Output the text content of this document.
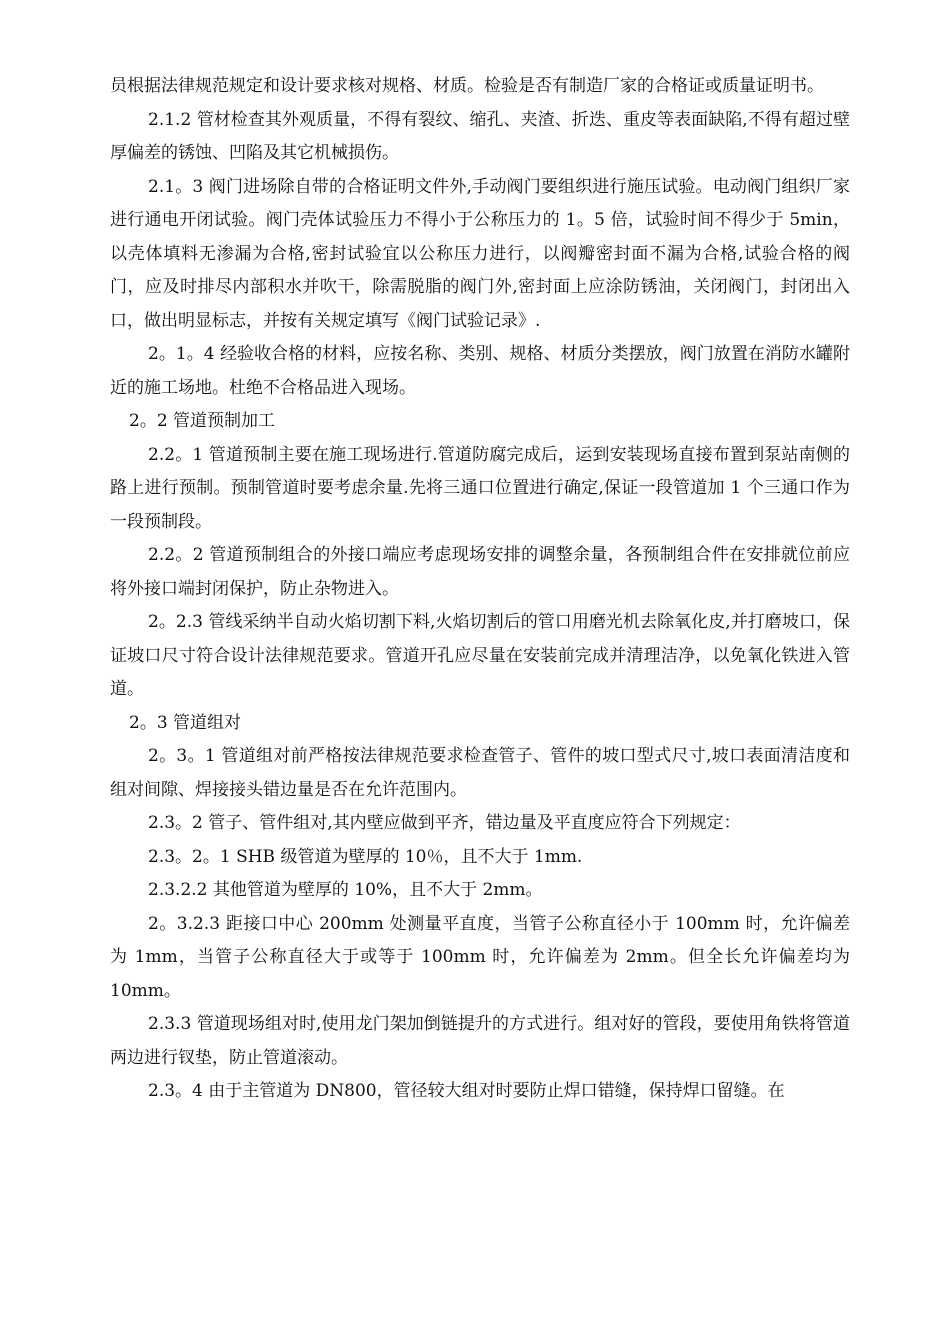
员根据法律规范规定和设计要求核对规格、材质。检验是否有制造厂家的合格证或质量证明书。

2.1.2 管材检查其外观质量，不得有裂纹、缩孔、夹渣、折迭、重皮等表面缺陷,不得有超过壁厚偏差的锈蚀、凹陷及其它机械损伤。

2.1。3 阀门进场除自带的合格证明文件外,手动阀门要组织进行施压试验。电动阀门组织厂家进行通电开闭试验。阀门壳体试验压力不得小于公称压力的 1。5 倍，试验时间不得少于 5min，以壳体填料无渗漏为合格,密封试验宜以公称压力进行，以阀瓣密封面不漏为合格,试验合格的阀门，应及时排尽内部积水并吹干，除需脱脂的阀门外,密封面上应涂防锈油，关闭阀门，封闭出入口，做出明显标志，并按有关规定填写《阀门试验记录》.

2。1。4 经验收合格的材料，应按名称、类别、规格、材质分类摆放，阀门放置在消防水罐附近的施工场地。杜绝不合格品进入现场。

2。2 管道预制加工

2.2。1 管道预制主要在施工现场进行.管道防腐完成后，运到安装现场直接布置到泵站南侧的路上进行预制。预制管道时要考虑余量.先将三通口位置进行确定,保证一段管道加 1 个三通口作为一段预制段。

2.2。2 管道预制组合的外接口端应考虑现场安排的调整余量，各预制组合件在安排就位前应将外接口端封闭保护，防止杂物进入。

2。2.3 管线采纳半自动火焰切割下料,火焰切割后的管口用磨光机去除氧化皮,并打磨坡口，保证坡口尺寸符合设计法律规范要求。管道开孔应尽量在安装前完成并清理洁净，以免氧化铁进入管道。

2。3 管道组对

2。3。1 管道组对前严格按法律规范要求检查管子、管件的坡口型式尺寸,坡口表面清洁度和组对间隙、焊接接头错边量是否在允许范围内。

2.3。2 管子、管件组对,其内壁应做到平齐，错边量及平直度应符合下列规定：

2.3。2。1 SHB 级管道为壁厚的 10％，且不大于 1mm.

2.3.2.2 其他管道为壁厚的 10%，且不大于 2mm。

2。3.2.3 距接口中心 200mm 处测量平直度，当管子公称直径小于 100mm 时，允许偏差为 1mm，当管子公称直径大于或等于 100mm 时，允许偏差为 2mm。但全长允许偏差均为 10mm。

2.3.3 管道现场组对时,使用龙门架加倒链提升的方式进行。组对好的管段，要使用角铁将管道两边进行钗垫，防止管道滚动。

2.3。4 由于主管道为 DN800，管径较大组对时要防止焊口错缝，保持焊口留缝。在
